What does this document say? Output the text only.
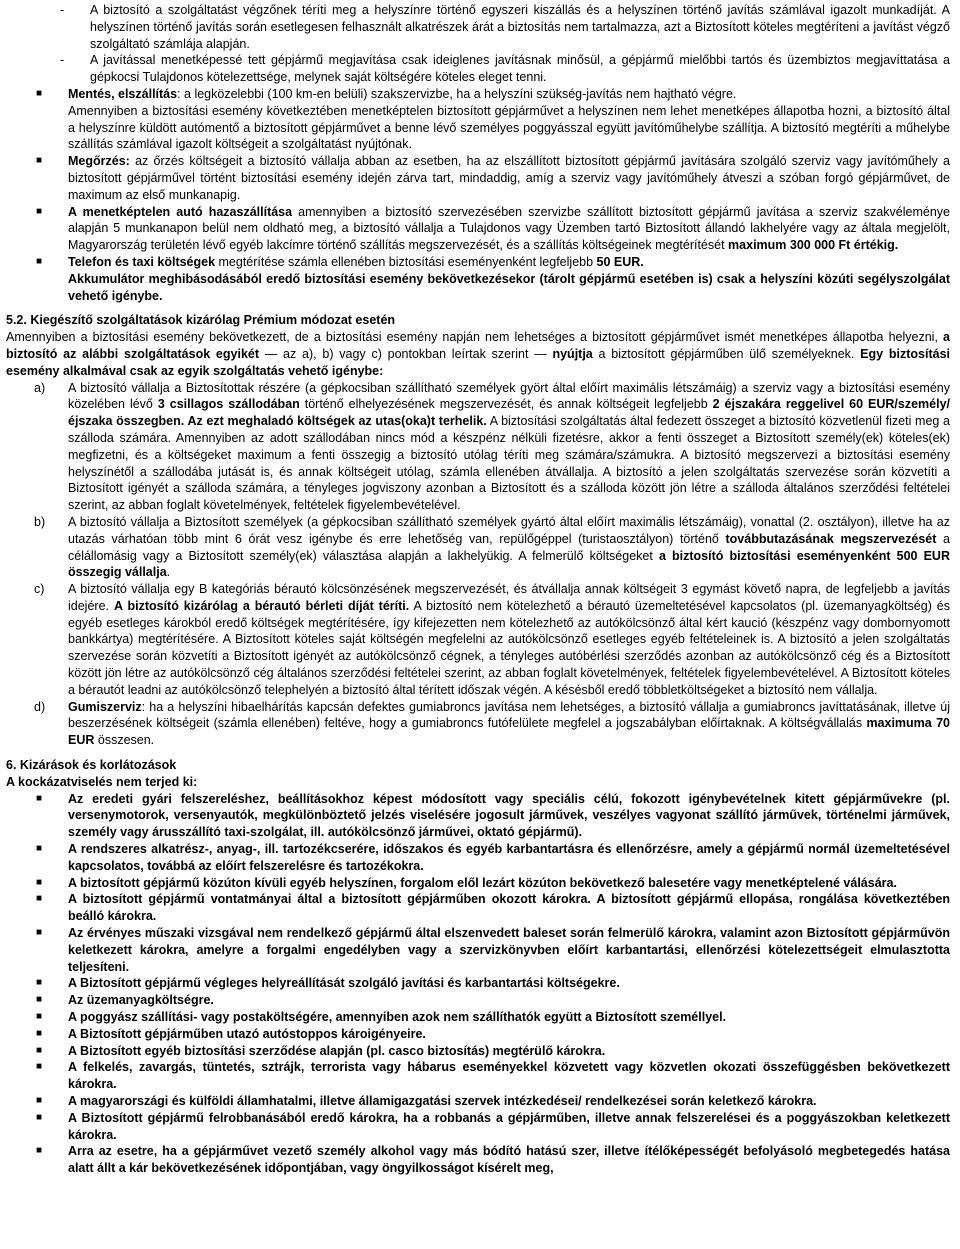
-	A biztosító a szolgáltatást végzőnek téríti meg a helyszínre történő egyszeri kiszállás és a helyszínen történő javítás számlával igazolt munkadíját. A helyszínen történő javítás során esetlegesen felhasznált alkatrészek árát a biztosítás nem tartalmazza, azt a Biztosított köteles megtéríteni a javítást végző szolgáltató számlája alapján.
-	A javítással menetképessé tett gépjármű megjavítása csak ideiglenes javításnak minősül, a gépjármű mielőbbi tartós és üzembiztos megjavíttatása a gépkocsi Tulajdonos kötelezettsége, melynek saját költségére köteles eleget tenni.
■	Mentés, elszállítás: a legközelebbi (100 km-en belüli) szakszervizbe, ha a helyszíni szükség-javítás nem hajtható végre.
Amennyiben a biztosítási esemény következtében menetképtelen biztosított gépjárművet a helyszínen nem lehet menetképes állapotba hozni, a biztosító által a helyszínre küldött autómentő a biztosított gépjárművet a benne lévő személyes poggyásszal együtt javítóműhelybe szállítja. A biztosító megtéríti a műhelybe szállítás számlával igazolt költségeit a szolgáltatást nyújtónak.
■	Megőrzés: az őrzés költségeit a biztosító vállalja abban az esetben, ha az elszállított biztosított gépjármű javítására szolgáló szerviz vagy javítóműhely a biztosított gépjárművel történt biztosítási esemény idején zárva tart, mindaddig, amíg a szerviz vagy javítóműhely átveszi a szóban forgó gépjárművet, de maximum az első munkanapig.
■	A menetképtelen autó hazaszállítása amennyiben a biztosító szervezésében szervizbe szállított biztosított gépjármű javítása a szerviz szakvéleménye alapján 5 munkanapon belül nem oldható meg, a biztosító vállalja a Tulajdonos vagy Üzemben tartó Biztosított állandó lakhelyére vagy az általa megjelölt, Magyarország területén lévő egyéb lakcímre történő szállítás megszervezését, és a szállítás költségeinek megtérítését maximum 300 000 Ft értékig.
■	Telefon és taxi költségek megtérítése számla ellenében biztosítási eseményenként legfeljebb 50 EUR.
Akkumulátor meghibásodásából eredő biztosítási esemény bekövetkezésekor (tárolt gépjármű esetében is) csak a helyszíni közúti segélyszolgálat vehető igénybe.

5.2. Kiegészítő szolgáltatások kizárólag Prémium módozat esetén

Amennyiben a biztosítási esemény bekövetkezett, de a biztosítási esemény napján nem lehetséges a biztosított gépjárművet ismét menetképes állapotba helyezni, a biztosító az alábbi szolgáltatások egyikét — az a), b) vagy c) pontokban leírtak szerint — nyújtja a biztosított gépjárműben ülő személyeknek. Egy biztosítási esemény alkalmával csak az egyik szolgáltatás vehető igénybe:

a)	A biztosító vállalja a Biztosítottak részére (a gépkocsiban szállítható személyek györt által előírt maximális létszámáig) a szerviz vagy a biztosítási esemény közelében lévő 3 csillagos szállodában történő elhelyezésének megszervezését, és annak költségeit legfeljebb 2 éjszakára reggelivel 60 EUR/személy/éjszaka összegben. Az ezt meghaladó költségek az utas(oka)t terhelik. A biztosítási szolgáltatás által fedezett összeget a biztosító közvetlenül fizeti meg a szálloda számára. Amennyiben az adott szállodában nincs mód a készpénz nélküli fizetésre, akkor a fenti összeget a Biztosított személy(ek) köteles(ek) megfizetni, és a költségeket maximum a fenti összegig a biztosító utólag téríti meg számára/számukra. A biztosító megszervezi a biztosítási esemény helyszínétől a szállodába jutását is, és annak költségeit utólag, számla ellenében átvállalja. A biztosító a jelen szolgáltatás szervezése során közvetíti a Biztosított igényét a szálloda számára, a tényleges jogviszony azonban a Biztosított és a szálloda között jön létre a szálloda általános szerződési feltételei szerint, az abban foglalt követelmények, feltételek figyelembevételével.
b)	A biztosító vállalja a Biztosított személyek (a gépkocsiban szállítható személyek gyártó által előírt maximális létszámáig), vonattal (2. osztályon), illetve ha az utazás várhatóan több mint 6 órát vesz igénybe és erre lehetőség van, repülőgéppel (turistaosztályon) történő továbbutazásának megszervezését a célállomásig vagy a Biztosított személy(ek) választása alapján a lakhelyükig. A felmerülő költségeket a biztosító biztosítási eseményenként 500 EUR összegig vállalja.
c)	A biztosító vállalja egy B kategóriás bérautó kölcsönzésének megszervezését, és átvállalja annak költségeit 3 egymást követő napra, de legfeljebb a javítás idejére. A biztosító kizárólag a bérautó bérleti díját téríti. A biztosító nem kötelezhető a bérautó üzemeltetésével kapcsolatos (pl. üzemanyagköltség) és egyéb esetleges károkból eredő költségek megtérítésére, így kifejezetten nem kötelezhető az autókölcsönző által kért kaució (készpénz vagy dombornyomott bankkártya) megtérítésére. A Biztosított köteles saját költségén megfelelni az autókölcsönző esetleges egyéb feltételeinek is. A biztosító a jelen szolgáltatás szervezése során közvetíti a Biztosított igényét az autókölcsönző cégnek, a tényleges autóbérlési szerződés azonban az autókölcsönző cég és a Biztosított között jön létre az autókölcsönző cég általános szerződési feltételei szerint, az abban foglalt követelmények, feltételek figyelembevételével. A Biztosított köteles a bérautót leadni az autókölcsönző telephelyén a biztosító által térített időszak végén. A késésből eredő többletköltségeket a biztosító nem vállalja.
d)	Gumiszerviz: ha a helyszíni hibaelhárítás kapcsán defektes gumiabroncs javítása nem lehetséges, a biztosító vállalja a gumiabroncs javíttatásának, illetve új beszerzésének költségeit (számla ellenében) feltéve, hogy a gumiabroncs futófelülete megfelel a jogszabályban előírtaknak. A költségvállalás maximuma 70 EUR összesen.

6. Kizárások és korlátozások

A kockázatviselés nem terjed ki:

■	Az eredeti gyári felszereléshez, beállításokhoz képest módosított vagy speciális célú, fokozott igénybevételnek kitett gépjárművekre (pl. versenymotorok, versenyautók, megkülönböztető jelzés viselésére jogosult járművek, veszélyes vagyonat szállító járművek, történelmi járművek, személy vagy árusszállító taxi-szolgálat, ill. autókölcsönző járművei, oktató gépjármű).
■	A rendszeres alkatrész-, anyag-, ill. tartozékcserére, időszakos és egyéb karbantartásra és ellenőrzésre, amely a gépjármű normál üzemeltetésével kapcsolatos, továbbá az előírt felszerelésre és tartozékokra.
■	A biztosított gépjármű közúton kívüli egyéb helyszínen, forgalom elől lezárt közúton bekövetkező balesetére vagy menetképtelené válására.
■	A biztosított gépjármű vontatmányai által a biztosított gépjárműben okozott károkra. A biztosított gépjármű ellopása, rongálása következtében beálló károkra.
■	Az érvényes műszaki vizsgával nem rendelkező gépjármű által elszenvedett baleset során felmerülő károkra, valamint azon Biztosított gépjárművön keletkezett károkra, amelyre a forgalmi engedélyben vagy a szervizkönyvben előírt karbantartási, ellenőrzési kötelezettségeit elmulasztotta teljesíteni.
■	A Biztosított gépjármű végleges helyreállítását szolgáló javítási és karbantartási költségekre.
■	Az üzemanyagköltségre.
■	A poggyász szállítási- vagy postaköltségére, amennyiben azok nem szállíthatók együtt a Biztosított személlyel.
■	A Biztosított gépjárműben utazó autóstoppos károigényeire.
■	A Biztosított egyéb biztosítási szerződése alapján (pl. casco biztosítás) megtérülő károkra.
■	A felkelés, zavargás, tüntetés, sztrájk, terrorista vagy hábarus eseményekkel közvetett vagy közvetlen okozati összefüggésben bekövetkezett károkra.
■	A magyarországi és külföldi államhatalmi, illetve államigazgatási szervek intézkedései/ rendelkezései során keletkező károkra.
■	A Biztosított gépjármű felrobbanásából eredő károkra, ha a robbanás a gépjárműben, illetve annak felszerelései és a poggyászokban keletkezett károkra.
■	Arra az esetre, ha a gépjárművet vezető személy alkohol vagy más bódító hatású szer, illetve ítélőképességét befolyásoló megbetegedés hatása alatt állt a kár bekövetkezésének időpontjában, vagy öngyilkosságot kísérelt meg,
